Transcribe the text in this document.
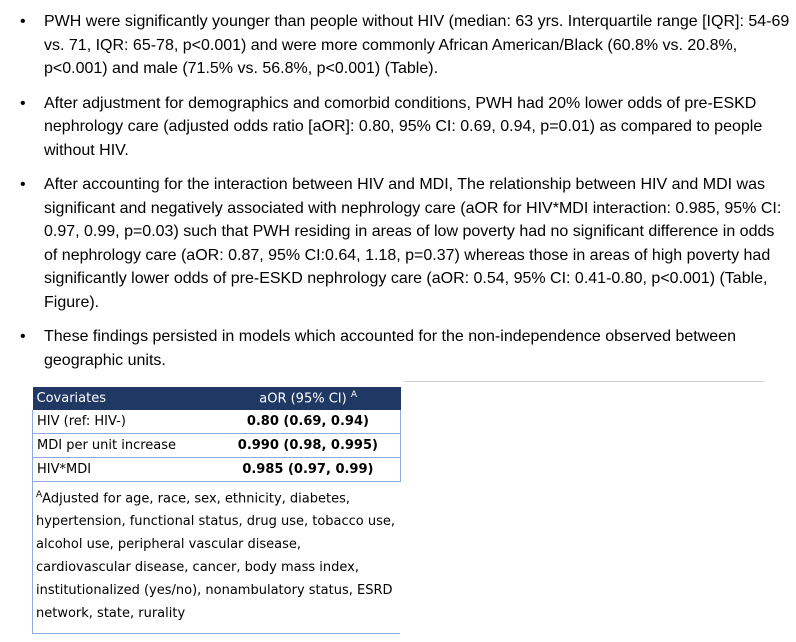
• PWH were significantly younger than people without HIV (median: 63 yrs. Interquartile range [IQR]: 54-69 vs. 71, IQR: 65-78, p<0.001) and were more commonly African American/Black (60.8% vs. 20.8%, p<0.001) and male (71.5% vs. 56.8%, p<0.001) (Table).
• After adjustment for demographics and comorbid conditions, PWH had 20% lower odds of pre-ESKD nephrology care (adjusted odds ratio [aOR]: 0.80, 95% CI: 0.69, 0.94, p=0.01) as compared to people without HIV.
• After accounting for the interaction between HIV and MDI, The relationship between HIV and MDI was significant and negatively associated with nephrology care (aOR for HIV*MDI interaction: 0.985, 95% CI: 0.97, 0.99, p=0.03) such that PWH residing in areas of low poverty had no significant difference in odds of nephrology care (aOR: 0.87, 95% CI:0.64, 1.18, p=0.37) whereas those in areas of high poverty had significantly lower odds of pre-ESKD nephrology care (aOR: 0.54, 95% CI: 0.41-0.80, p<0.001) (Table, Figure).
• These findings persisted in models which accounted for the non-independence observed between geographic units.
Covariates	aOR (95% CI) $^A$
HIV (ref: HIV-)	0.80 (0.69, 0.94)
MDI per unit increase	0.990 (0.98, 0.995)
HIV*MDI	0.985 (0.97, 0.99)
$^A$Adjusted for age, race, sex, ethnicity, diabetes, hypertension, functional status, drug use, tobacco use, alcohol use, peripheral vascular disease, cardiovascular disease, cancer, body mass index, institutionalized (yes/no), nonambulatory status, ESRD network, state, rurality
